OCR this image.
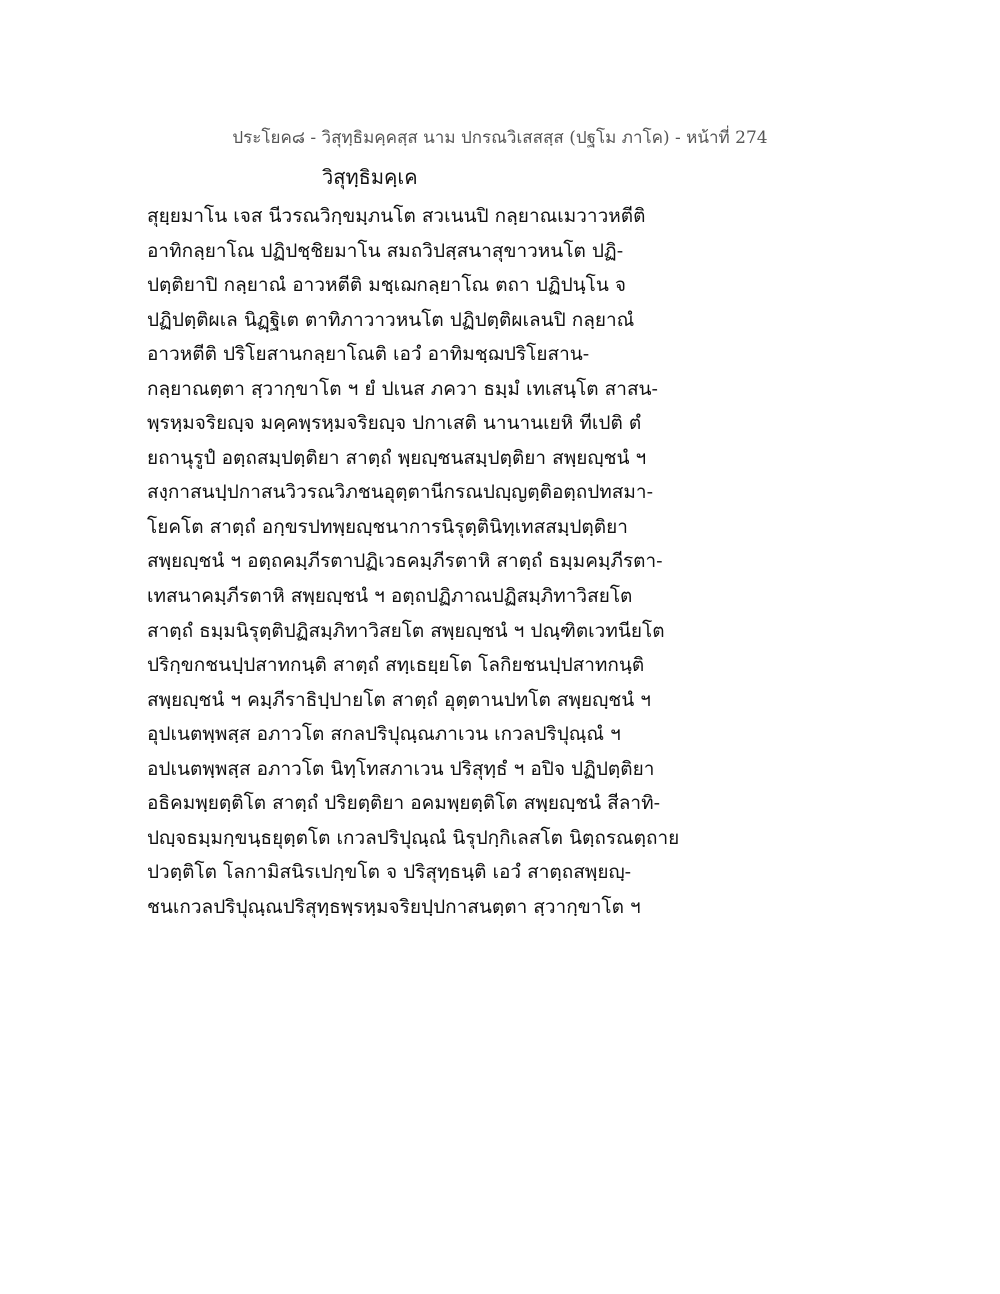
ประโยค๘ - วิสุทฺธิมคฺคสฺส นาม ปกรณวิเสสสฺส (ปฐโม ภาโค) - หน้าที่ 274
วิสุทฺธิมคฺเค
สุยฺยมาโน เจส นีวรณวิกฺขมฺภนโต สวเนนปิ กลฺยาณเมวาวหตีติ
อาทิกลฺยาโณ ปฏิปชฺชิยมาโน สมถวิปสฺสนาสุขาวหนโต ปฏิ-
ปตฺติยาปิ กลฺยาณํ อาวหตีติ มชฺเฌกลฺยาโณ ตถา ปฏิปนฺโน จ
ปฏิปตฺติผเล นิฏฺฐิเต ตาทิภาวาวหนโต ปฏิปตฺติผเลนปิ กลฺยาณํ
อาวหตีติ ปริโยสานกลฺยาโณติ เอวํ อาทิมชฺฌปริโยสาน-
กลฺยาณตฺตา สฺวากฺขาโต ฯ ยํ ปเนส ภควา ธมฺมํ เทเสนฺโต สาสน-
พฺรหฺมจริยญฺจ มคฺคพฺรหฺมจริยญฺจ ปกาเสติ นานานเยหิ ทีเปติ ตํ
ยถานุรูปํ อตฺถสมฺปตฺติยา สาตฺถํ พฺยญฺชนสมฺปตฺติยา สพฺยญฺชนํ ฯ
สงฺกาสนปฺปกาสนวิวรณวิภชนอุตฺตานีกรณปญฺญตฺติอตฺถปทสมา-
โยคโต สาตฺถํ อกฺขรปทพฺยญฺชนาการนิรุตฺตินิทฺเทสสมฺปตฺติยา
สพฺยญฺชนํ ฯ อตฺถคมฺภีรตาปฏิเวธคมฺภีรตาหิ สาตฺถํ ธมฺมคมฺภีรตา-
เทสนาคมฺภีรตาหิ สพฺยญฺชนํ ฯ อตฺถปฏิภาณปฏิสมฺภิทาวิสยโต
สาตฺถํ ธมฺมนิรุตฺติปฏิสมฺภิทาวิสยโต สพฺยญฺชนํ ฯ ปณฺฑิตเวทนียโต
ปริกฺขกชนปฺปสาทกนฺติ สาตฺถํ สทฺเธยฺยโต โลกิยชนปฺปสาทกนฺติ
สพฺยญฺชนํ ฯ คมฺภีราธิปฺปายโต สาตฺถํ อุตฺตานปทโต สพฺยญฺชนํ ฯ
อุปเนตพฺพสฺส อภาวโต สกลปริปุณฺณภาเวน เกวลปริปุณฺณํ ฯ
อปเนตพฺพสฺส อภาวโต นิทฺโทสภาเวน ปริสุทฺธํ ฯ อปิจ ปฏิปตฺติยา
อธิคมพฺยตฺติโต สาตฺถํ ปริยตฺติยา อคมพฺยตฺติโต สพฺยญฺชนํ สีลาทิ-
ปญฺจธมฺมกฺขนฺธยุตฺตโต เกวลปริปุณฺณํ นิรุปกฺกิเลสโต นิตฺถรณตฺถาย
ปวตฺติโต โลกามิสนิรเปกฺขโต จ ปริสุทฺธนฺติ เอวํ สาตฺถสพฺยญฺ-
ชนเกวลปริปุณฺณปริสุทฺธพฺรหฺมจริยปฺปกาสนตฺตา สฺวากฺขาโต ฯ
